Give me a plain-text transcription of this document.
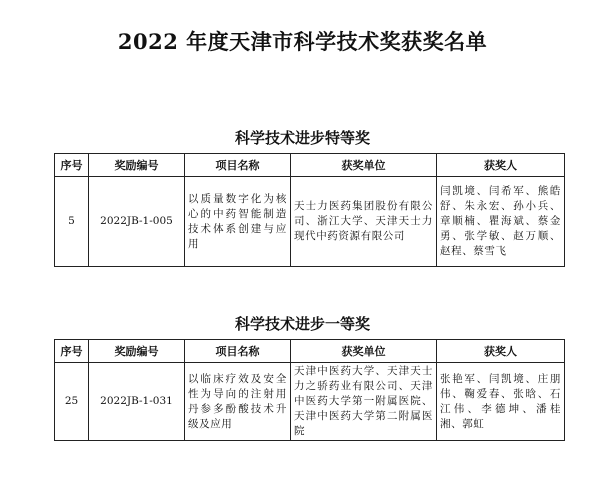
2022 年度天津市科学技术奖获奖名单
科学技术进步特等奖
序号	奖励编号	项目名称	获奖单位	获奖人
5	2022JB-1-005	以质量数字化为核心的中药智能制造技术体系创建与应用	天士力医药集团股份有限公司、浙江大学、天津天士力现代中药资源有限公司	闫凯境、闫希军、熊皓舒、朱永宏、孙小兵、章顺楠、瞿海斌、蔡金勇、张学敏、赵万顺、赵程、蔡雪飞
科学技术进步一等奖
序号	奖励编号	项目名称	获奖单位	获奖人
25	2022JB-1-031	以临床疗效及安全性为导向的注射用丹参多酚酸技术升级及应用	天津中医药大学、天津天士力之骄药业有限公司、天津中医药大学第一附属医院、天津中医药大学第二附属医院	张艳军、闫凯境、庄朋伟、鞠爱春、张晗、石江伟、李德坤、潘桂湘、郭虹
